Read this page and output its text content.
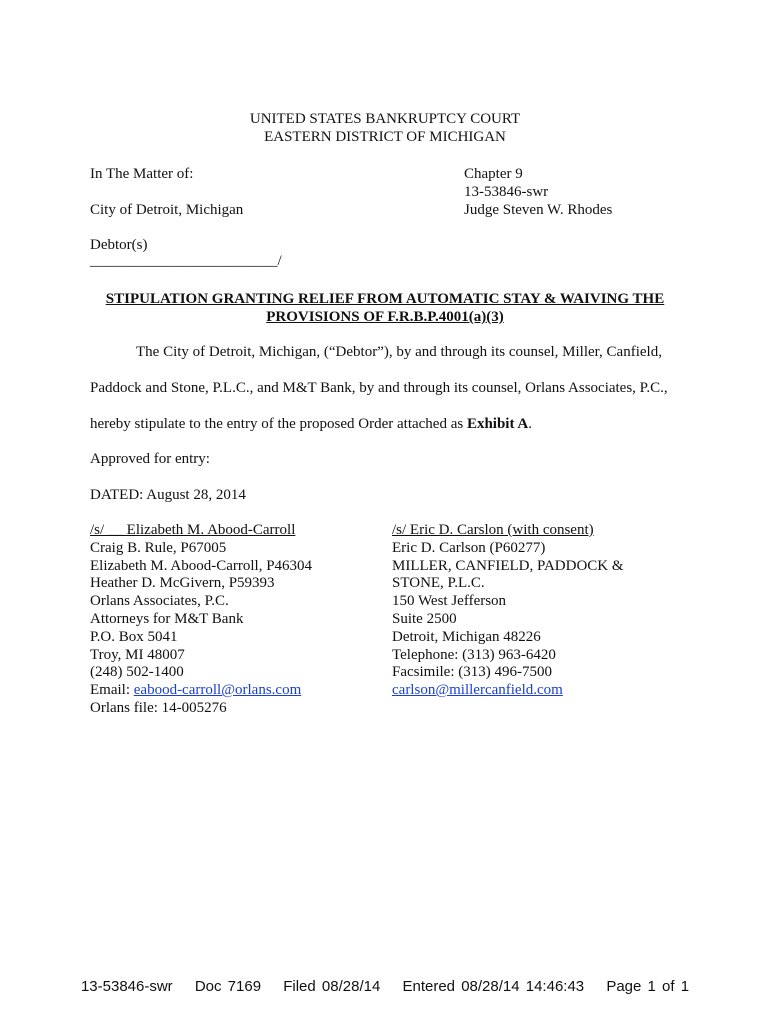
UNITED STATES BANKRUPTCY COURT
EASTERN DISTRICT OF MICHIGAN
In The Matter of:
City of Detroit, Michigan
Debtor(s)
_________________________/
Chapter 9
13-53846-swr
Judge Steven W. Rhodes
STIPULATION GRANTING RELIEF FROM AUTOMATIC STAY & WAIVING THE
PROVISIONS OF F.R.B.P.4001(a)(3)
The City of Detroit, Michigan, (“Debtor”), by and through its counsel, Miller, Canfield,
Paddock and Stone, P.L.C., and M&T Bank, by and through its counsel, Orlans Associates, P.C.,
hereby stipulate to the entry of the proposed Order attached as Exhibit A.
Approved for entry:
DATED: August 28, 2014
/s/ __ Elizabeth M. Abood-Carroll
Craig B. Rule, P67005
Elizabeth M. Abood-Carroll, P46304
Heather D. McGivern, P59393
Orlans Associates, P.C.
Attorneys for M&T Bank
P.O. Box 5041
Troy, MI 48007
(248) 502-1400
Email: eabood-carroll@orlans.com
Orlans file: 14-005276
/s/ Eric D. Carslon (with consent)
Eric D. Carlson (P60277)
MILLER, CANFIELD, PADDOCK &
STONE, P.L.C.
150 West Jefferson
Suite 2500
Detroit, Michigan 48226
Telephone: (313) 963-6420
Facsimile: (313) 496-7500
carlson@millercanfield.com
13-53846-swr Doc 7169 Filed 08/28/14 Entered 08/28/14 14:46:43 Page 1 of 1
